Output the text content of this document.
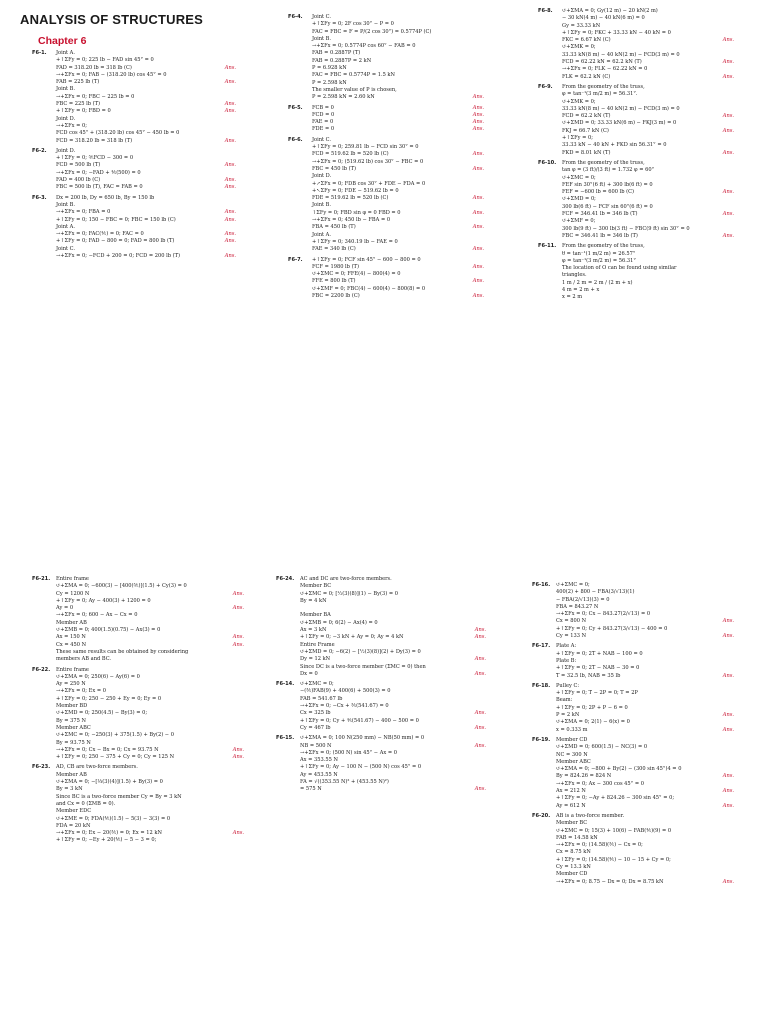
ANALYSIS OF STRUCTURES
Chapter 6
F6-1. Joint A.
+↑ΣFy = 0; 225 lb − FAD sin 45° = 0
FAD = 318.20 lb = 318 lb (C)	Ans.
→+ΣFx = 0; FAB − (318.20 lb) cos 45° = 0
FAB = 225 lb (T)	Ans.
Joint B.
→+ΣFx = 0; FBC − 225 lb = 0
FBC = 225 lb (T)	Ans.
+↑ΣFy = 0; FBD = 0	Ans.
Joint D.
→+ΣFx = 0;
FCD cos 45° + (318.20 lb) cos 45° − 450 lb = 0
FCD = 318.20 lb = 318 lb (T)	Ans.
F6-2. Joint D.
+↑ΣFy = 0; ⅗FCD − 300 = 0
FCD = 500 lb (T)	Ans.
→+ΣFx = 0; −FAD + ⅘(500) = 0
FAD = 400 lb (C)	Ans.
FBC = 500 lb (T), FAC = FAB = 0	Ans.
F6-3. Dx = 200 lb, Dy = 650 lb, By = 150 lb
Joint B.
→+ΣFx = 0; FBA = 0	Ans.
+↑ΣFy = 0; 150 − FBC = 0; FBC = 150 lb (C)	Ans.
Joint A.
→+ΣFx = 0; FAC(⅘) = 0; FAC = 0	Ans.
+↑ΣFy = 0; FAD − 800 = 0; FAD = 800 lb (T)	Ans.
Joint C.
→+ΣFx = 0; −FCD + 200 = 0; FCD = 200 lb (T)	Ans.
F6-4. Joint C.
+↑ΣFy = 0; 2F cos 30° − P = 0
FAC = FBC = F = P/(2 cos 30°) = 0.5774P (C)
Joint B.
→+ΣFx = 0; 0.5774P cos 60° − FAB = 0
FAB = 0.2887P (T)
FAB = 0.2887P = 2 kN
P = 6.928 kN
FAC = FBC = 0.5774P = 1.5 kN
P = 2.598 kN
The smaller value of P is chosen,
P = 2.598 kN = 2.60 kN	Ans.
F6-5. FCB = 0	Ans.
FCD = 0	Ans.
FAE = 0	Ans.
FDE = 0	Ans.
F6-6. Joint C.
+↑ΣFy = 0; 259.81 lb − FCD sin 30° = 0
FCD = 519.62 lb = 520 lb (C)	Ans.
→+ΣFx = 0; (519.62 lb) cos 30° − FBC = 0
FBC = 450 lb (T)	Ans.
Joint D.
+↗ΣFx = 0; FDB cos 30° + FDE − FDA = 0
+↖ΣFy = 0; FDE − 519.62 lb = 0
FDE = 519.62 lb = 520 lb (C)	Ans.
Joint B.
↑ΣFy = 0; FBD sin φ = 0 FBD = 0	Ans.
→+ΣFx = 0; 450 lb − FBA = 0
FBA = 450 lb (T)	Ans.
Joint A.
+↑ΣFy = 0; 340.19 lb − FAE = 0
FAE = 340 lb (C)	Ans.
F6-7. +↑ΣFy = 0; FCF sin 45° − 600 − 800 = 0
FCF = 1980 lb (T)	Ans.
↺+ΣMC = 0; FFE(4) − 800(4) = 0
FFE = 800 lb (T)	Ans.
↺+ΣMF = 0; FBC(4) − 600(4) − 800(8) = 0
FBC = 2200 lb (C)	Ans.
F6-8. ↺+ΣMA = 0; Gy(12 m) − 20 kN(2 m)
− 30 kN(4 m) − 40 kN(6 m) = 0
Gy = 33.33 kN
+↑ΣFy = 0; FKC + 33.33 kN − 40 kN = 0
FKC = 6.67 kN (C)	Ans.
↺+ΣMK = 0;
33.33 kN(8 m) − 40 kN(2 m) − FCD(3 m) = 0
FCD = 62.22 kN = 62.2 kN (T)	Ans.
→+ΣFx = 0; FLK − 62.22 kN = 0
FLK = 62.2 kN (C)	Ans.
F6-9. From the geometry of the truss,
φ = tan⁻¹(3 m/2 m) = 56.31°.
↺+ΣMK = 0;
33.33 kN(8 m) − 40 kN(2 m) − FCD(3 m) = 0
FCD = 62.2 kN (T)	Ans.
↺+ΣMD = 0; 33.33 kN(6 m) − FKJ(3 m) = 0
FKJ = 66.7 kN (C)	Ans.
+↑ΣFy = 0;
33.33 kN − 40 kN + FKD sin 56.31° = 0
FKD = 8.01 kN (T)	Ans.
F6-10. From the geometry of the truss,
tan φ = (3 ft)/(3 ft) = 1.732 φ = 60°
↺+ΣMC = 0;
FEF sin 30°(6 ft) + 300 lb(6 ft) = 0
FEF = −600 lb = 600 lb (C)	Ans.
↺+ΣMD = 0;
300 lb(6 ft) − FCF sin 60°(6 ft) = 0
FCF = 346.41 lb = 346 lb (T)	Ans.
↺+ΣMF = 0;
300 lb(9 ft) − 300 lb(3 ft) − FBC(9 ft) sin 30° = 0
FBC = 346.41 lb = 346 lb (T)	Ans.
F6-11. From the geometry of the truss,
θ = tan⁻¹(1 m/2 m) = 26.57°
φ = tan⁻¹(3 m/2 m) = 56.31°
The location of O can be found using similar
triangles.
1 m / 2 m = 2 m / (2 m + x)
4 m = 2 m + x
x = 2 m
F6-21. Entire frame
↺+ΣMA = 0; −600(3) − [400(⅗)](1.5) + Cy(3) = 0
Cy = 1200 N	Ans.
+↑ΣFy = 0; Ay − 400(3) + 1200 = 0
Ay = 0	Ans.
→+ΣFx = 0; 600 − Ax − Cx = 0
Member AB
↺+ΣMB = 0; 400(1.5)(0.75) − Ax(3) = 0
Ax = 150 N	Ans.
Cx = 450 N	Ans.
These same results can be obtained by considering
members AB and BC.
F6-22. Entire frame
↺+ΣMA = 0; 250(6) − Ay(6) = 0
Ay = 250 N
→+ΣFx = 0; Ex = 0
+↑ΣFy = 0; 250 − 250 + Ey = 0; Ey = 0
Member BD
↺+ΣMD = 0; 250(4.5) − By(3) = 0;
By = 375 N
Member ABC
↺+ΣMC = 0; −250(3) + 375(1.5) + By(2) − 0
By = 93.75 N
→+ΣFx = 0; Cx − Bx = 0; Cx = 93.75 N	Ans.
+↑ΣFy = 0; 250 − 375 + Cy = 0; Cy = 125 N	Ans.
F6-23. AD, CB are two-force members.
Member AB
↺+ΣMA = 0; −[⅓(3)(4)](1.5) + By(3) = 0
By = 3 kN
Since BC is a two-force member Cy = By = 3 kN
and Cx = 0 (ΣMB = 0).
Member EDC
↺+ΣME = 0; FDA(⅘)(1.5) − 5(3) − 3(3) = 0
FDA = 20 kN
→+ΣFx = 0; Ex − 20(⅗) = 0; Ex = 12 kN	Ans.
+↑ΣFy = 0; −Ey + 20(⅘) − 5 − 3 = 0;
F6-24. AC and DC are two-force members.
Member BC
↺+ΣMC = 0; [½(3)(8)](1) − By(3) = 0
By = 4 kN
Member BA
↺+ΣMB = 0; 6(2) − Ax(4) = 0
Ax = 3 kN	Ans.
+↑ΣFy = 0; −3 kN + Ay = 0; Ay = 4 kN	Ans.
Entire Frame
↺+ΣMD = 0; −6(2) − [½(3)(8)](2) + Dy(3) = 0
Dy = 12 kN	Ans.
Since DC is a two-force member (ΣMC = 0) then
Dx = 0	Ans.
F6-14. ↺+ΣMC = 0;
−(⅗)FAB(9) + 400(6) + 500(3) = 0
FAB = 541.67 lb
→+ΣFx = 0; −Cx + ⅗(541.67) = 0
Cx = 325 lb	Ans.
+↑ΣFy = 0; Cy + ⅘(541.67) − 400 − 500 = 0
Cy = 467 lb	Ans.
F6-15. ↺+ΣMA = 0; 100 N(250 mm) − NB(50 mm) = 0
NB = 500 N	Ans.
→+ΣFx = 0; (500 N) sin 45° − Ax = 0
Ax = 353.55 N
+↑ΣFy = 0; Ay − 100 N − (500 N) cos 45° = 0
Ay = 453.55 N
FA = √((353.55 N)² + (453.55 N)²)
= 575 N	Ans.
F6-16. ↺+ΣMC = 0;
400(2) + 800 − FBA(3/√13)(1)
− FBA(2/√13)(3) = 0
FBA = 843.27 N
→+ΣFx = 0; Cx − 843.27(2/√13) = 0
Cx = 800 N	Ans.
+↑ΣFy = 0; Cy + 843.27(3/√13) − 400 = 0
Cy = 133 N	Ans.
F6-17. Plate A:
+↑ΣFy = 0; 2T + NAB − 100 = 0
Plate B:
+↑ΣFy = 0; 2T − NAB − 30 = 0
T = 32.5 lb, NAB = 35 lb	Ans.
F6-18. Pulley C:
+↑ΣFy = 0; T − 2P = 0; T = 2P
Beam:
+↑ΣFy = 0; 2P + P − 6 = 0
P = 2 kN	Ans.
↺+ΣMA = 0; 2(1) − 6(x) = 0
x = 0.333 m	Ans.
F6-19. Member CD
↺+ΣMD = 0; 600(1.5) − NC(3) = 0
NC = 300 N
Member ABC
↺+ΣMA = 0; −800 + By(2) − (300 sin 45°)4 = 0
By = 824.26 = 824 N	Ans.
→+ΣFx = 0; Ax − 300 cos 45° = 0
Ax = 212 N	Ans.
+↑ΣFy = 0; −Ay + 824.26 − 300 sin 45° = 0;
Ay = 612 N	Ans.
F6-20. AB is a two-force member.
Member BC
↺+ΣMC = 0; 15(3) + 10(6) − FAB(⅘)(9) = 0
FAB = 14.58 kN
→+ΣFx = 0; (14.58)(⅗) − Cx = 0;
Cx = 8.75 kN
+↑ΣFy = 0; (14.58)(⅘) − 10 − 15 + Cy = 0;
Cy = 13.3 kN
Member CD
→+ΣFx = 0; 8.75 − Dx = 0; Dx = 8.75 kN	Ans.
